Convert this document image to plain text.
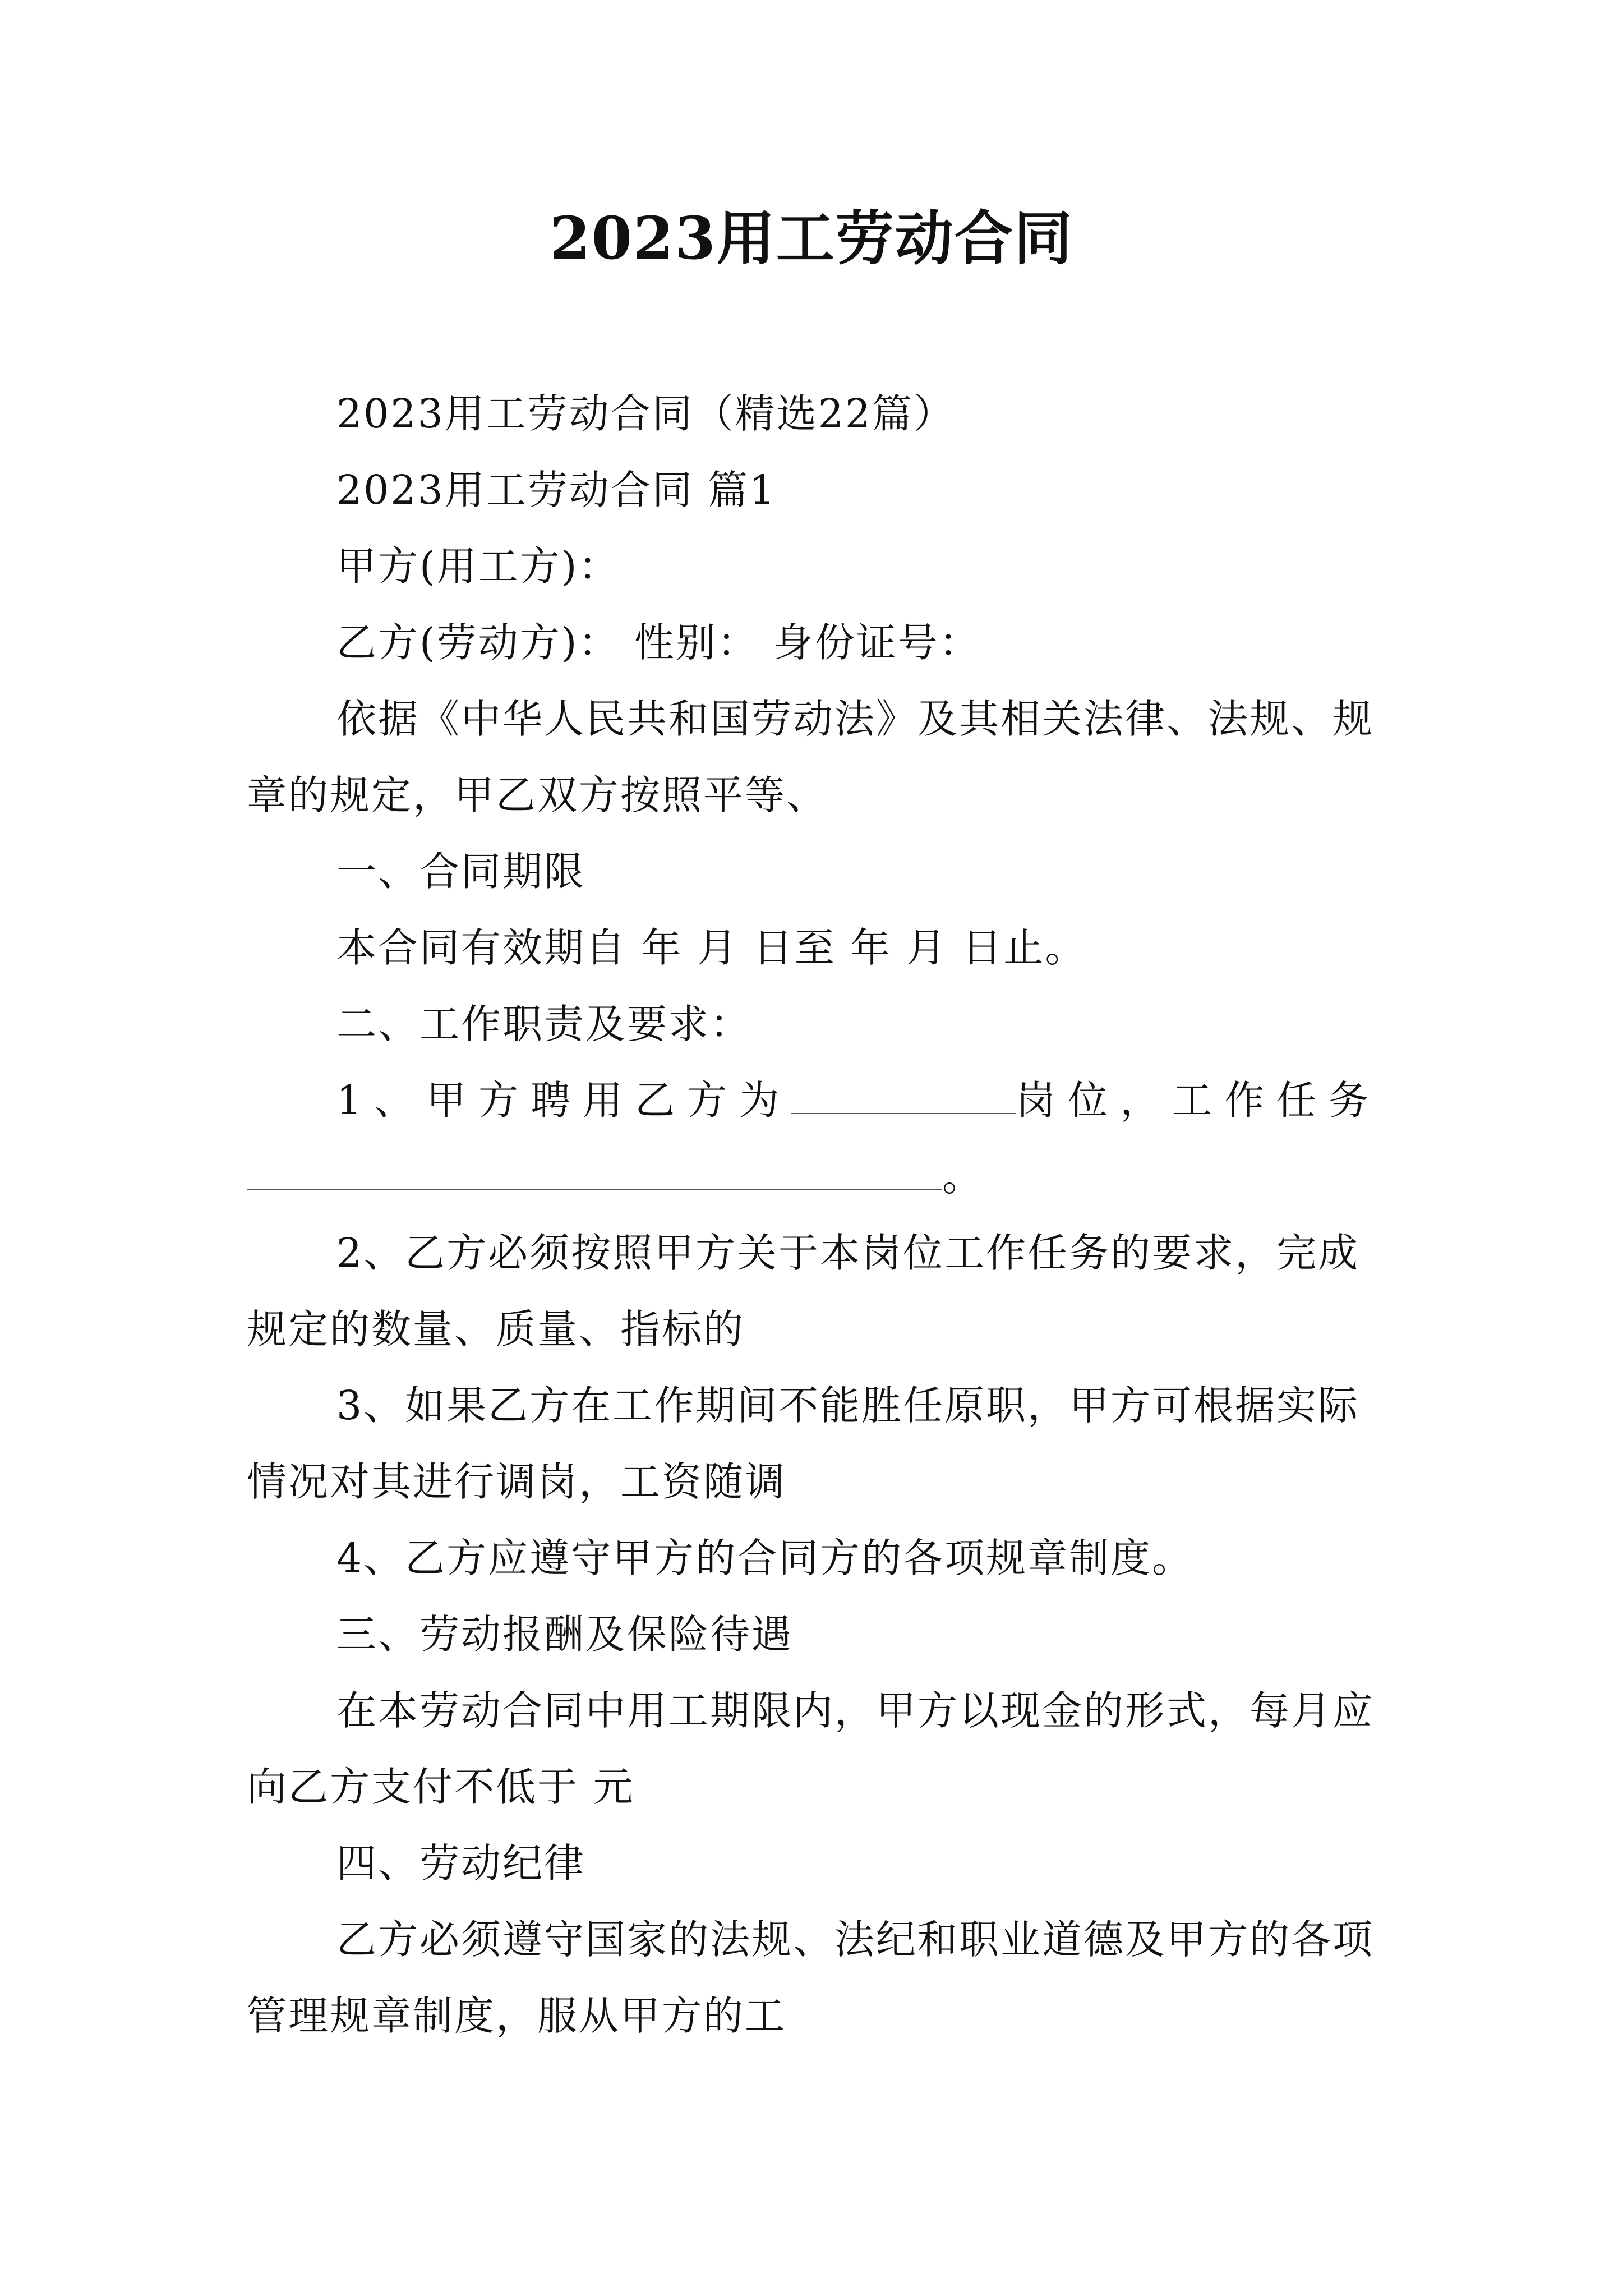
2023用工劳动合同

2023用工劳动合同（精选22篇）

2023用工劳动合同 篇1

甲方(用工方)：

乙方(劳动方)： 性别： 身份证号：

依据《中华人民共和国劳动法》及其相关法律、法规、规章的规定，甲乙双方按照平等、

一、合同期限

本合同有效期自 年 月 日至 年 月 日止。

二、工作职责及要求：

1、甲方聘用乙方为	岗位，工作任务。

2、乙方必须按照甲方关于本岗位工作任务的要求，完成规定的数量、质量、指标的

3、如果乙方在工作期间不能胜任原职，甲方可根据实际情况对其进行调岗，工资随调

4、乙方应遵守甲方的合同方的各项规章制度。

三、劳动报酬及保险待遇

在本劳动合同中用工期限内，甲方以现金的形式，每月应向乙方支付不低于 元

四、劳动纪律

乙方必须遵守国家的法规、法纪和职业道德及甲方的各项管理规章制度，服从甲方的工
